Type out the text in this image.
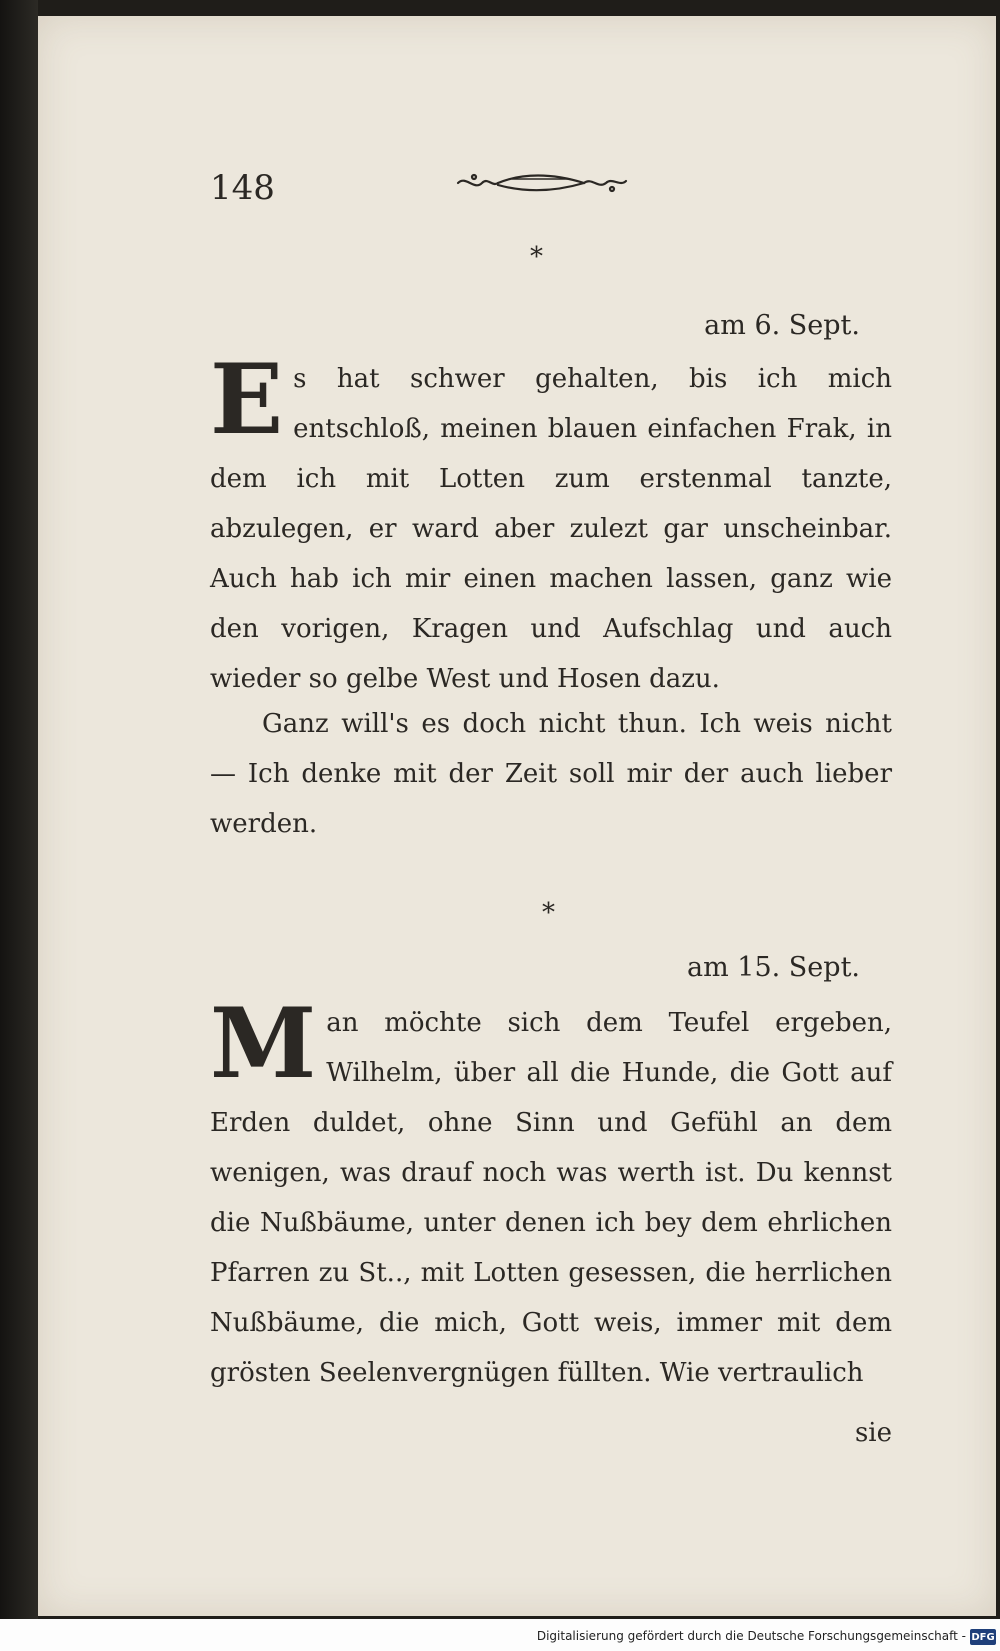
148
*
am 6. Sept.
Es hat schwer gehalten, bis ich mich entschloß, meinen blauen einfachen Frak, in dem ich mit Lotten zum erstenmal tanzte, abzulegen, er ward aber zulezt gar unscheinbar. Auch hab ich mir einen machen lassen, ganz wie den vorigen, Kragen und Aufschlag und auch wieder so gelbe West und Hosen dazu.
Ganz will's es doch nicht thun. Ich weis nicht — Ich denke mit der Zeit soll mir der auch lieber werden.
*
am 15. Sept.
Man möchte sich dem Teufel ergeben, Wilhelm, über all die Hunde, die Gott auf Erden duldet, ohne Sinn und Gefühl an dem wenigen, was drauf noch was werth ist. Du kennst die Nußbäume, unter denen ich bey dem ehrlichen Pfarren zu St.., mit Lotten gesessen, die herrlichen Nußbäume, die mich, Gott weis, immer mit dem grösten Seelenvergnügen füllten. Wie vertraulich
sie
Digitalisierung gefördert durch die Deutsche Forschungsgemeinschaft - DFG
